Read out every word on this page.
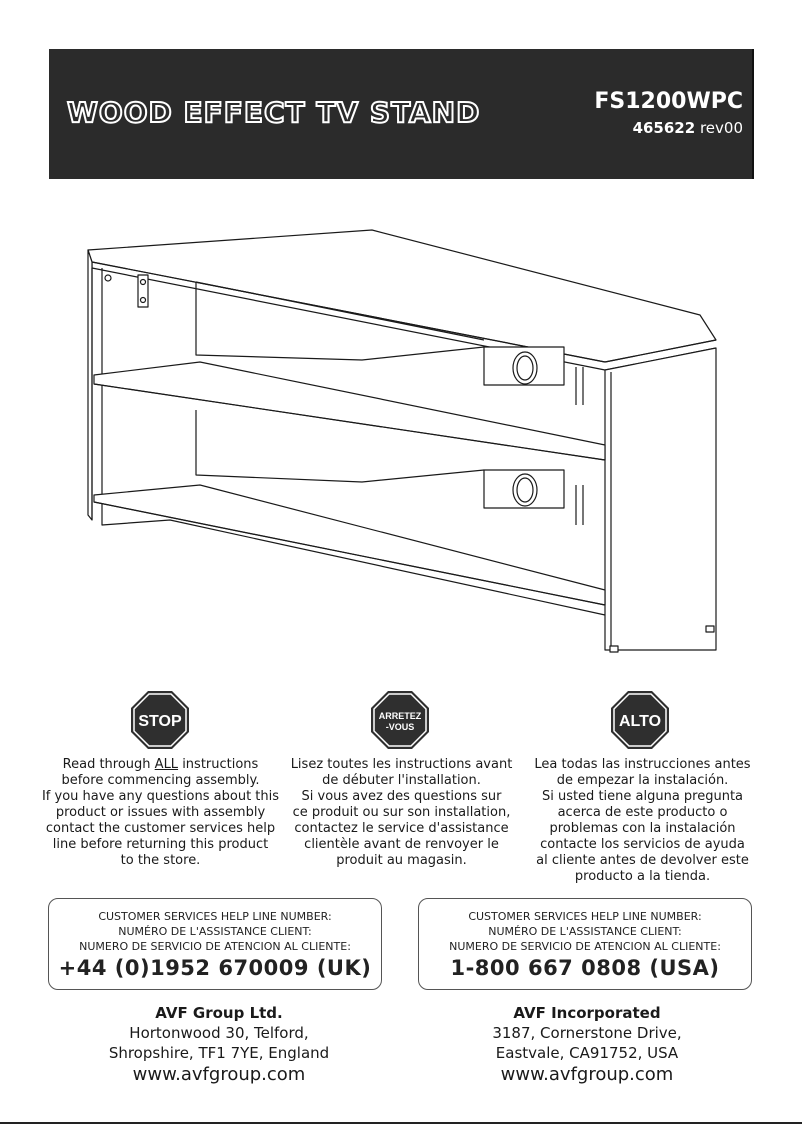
WOOD EFFECT TV STAND	FS1200WPC
465622 rev00
STOP	ARRETEZ
-VOUS	ALTO

Read through ALL instructions
before commencing assembly.
If you have any questions about this
product or issues with assembly
contact the customer services help
line before returning this product
to the store.

Lisez toutes les instructions avant
de débuter l'installation.
Si vous avez des questions sur
ce produit ou sur son installation,
contactez le service d'assistance
clientèle avant de renvoyer le
produit au magasin.

Lea todas las instrucciones antes
de empezar la instalación.
Si usted tiene alguna pregunta
acerca de este producto o
problemas con la instalación
contacte los servicios de ayuda
al cliente antes de devolver este
producto a la tienda.

CUSTOMER SERVICES HELP LINE NUMBER:
NUMÉRO DE L'ASSISTANCE CLIENT:
NUMERO DE SERVICIO DE ATENCION AL CLIENTE:
+44 (0)1952 670009 (UK)
CUSTOMER SERVICES HELP LINE NUMBER:
NUMÉRO DE L'ASSISTANCE CLIENT:
NUMERO DE SERVICIO DE ATENCION AL CLIENTE:
1-800 667 0808 (USA)
AVF Group Ltd.
Hortonwood 30, Telford,
Shropshire, TF1 7YE, England
www.avfgroup.com
AVF Incorporated
3187, Cornerstone Drive,
Eastvale, CA91752, USA
www.avfgroup.com
